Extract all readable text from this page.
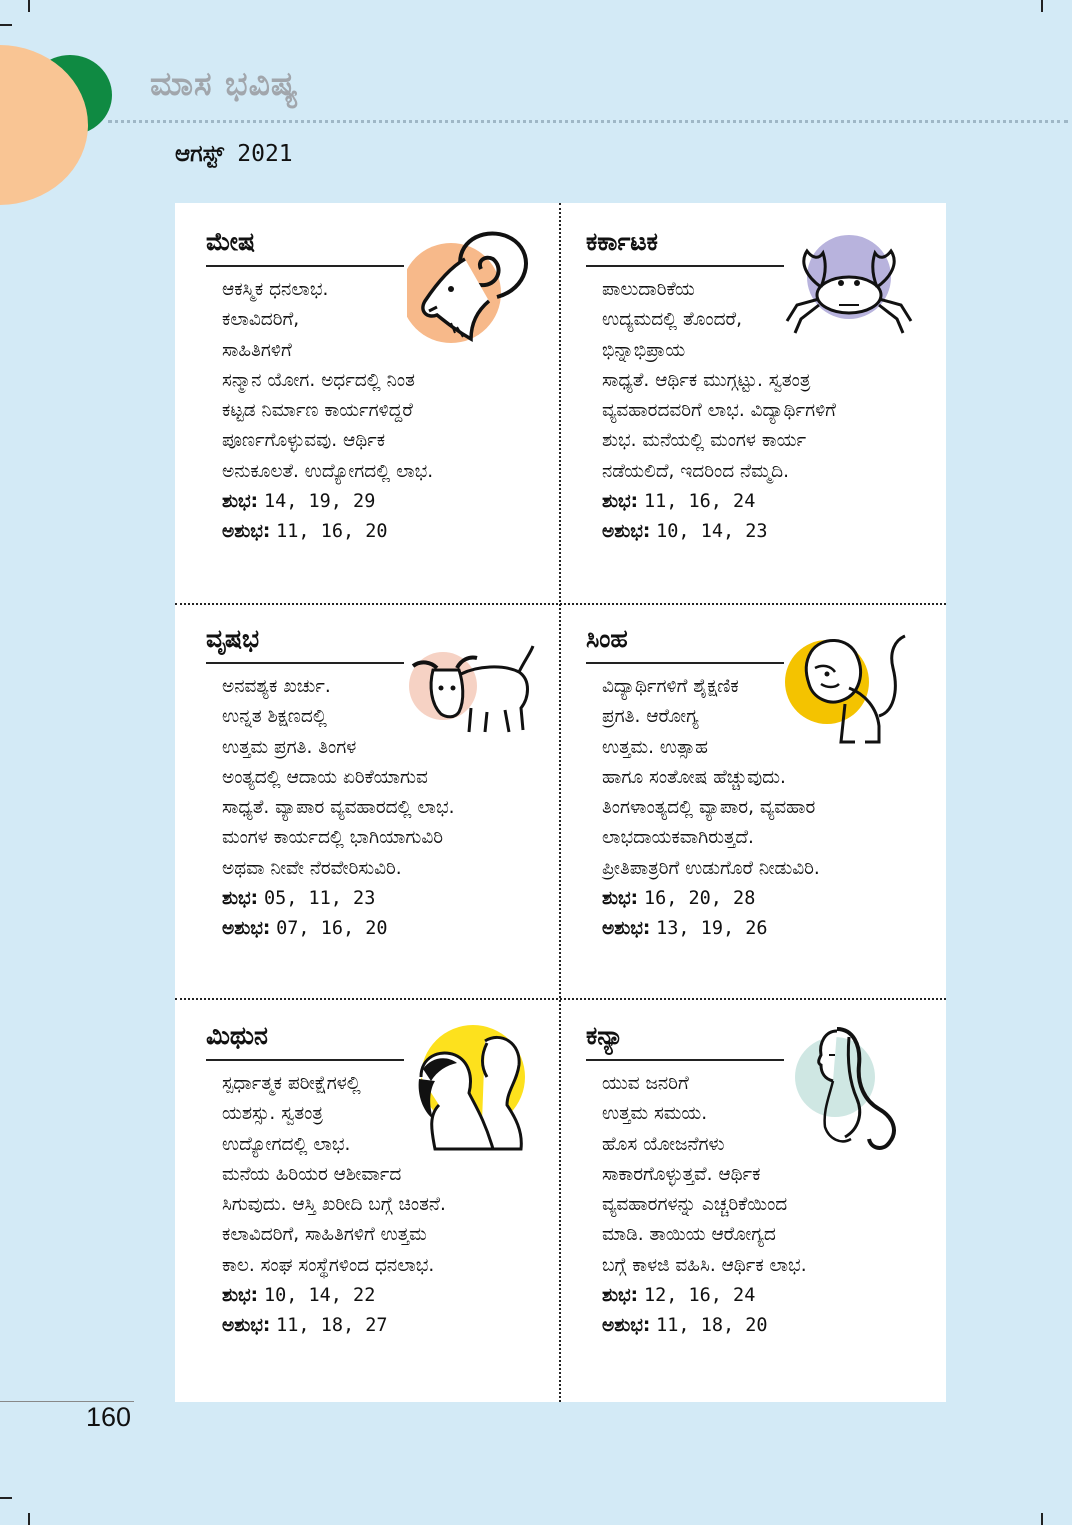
ಮಾಸ ಭವಿಷ್ಯ
ಆಗಸ್ಟ್ 2021
ಮೇಷ

ಆಕಸ್ಮಿಕ ಧನಲಾಭ.
ಕಲಾವಿದರಿಗೆ,
ಸಾಹಿತಿಗಳಿಗೆ
ಸನ್ಮಾನ ಯೋಗ. ಅರ್ಧದಲ್ಲಿ ನಿಂತ
ಕಟ್ಟಡ ನಿರ್ಮಾಣ ಕಾರ್ಯಗಳಿದ್ದರೆ
ಪೂರ್ಣಗೊಳ್ಳುವವು. ಆರ್ಥಿಕ
ಅನುಕೂಲತೆ. ಉದ್ಯೋಗದಲ್ಲಿ ಲಾಭ.

ಶುಭ: 14, 19, 29
ಅಶುಭ: 11, 16, 20
ಕರ್ಕಾಟಕ

ಪಾಲುದಾರಿಕೆಯ
ಉದ್ಯಮದಲ್ಲಿ ತೊಂದರೆ,
ಭಿನ್ನಾಭಿಪ್ರಾಯ
ಸಾಧ್ಯತೆ. ಆರ್ಥಿಕ ಮುಗ್ಗಟ್ಟು. ಸ್ವತಂತ್ರ
ವ್ಯವಹಾರದವರಿಗೆ ಲಾಭ. ವಿದ್ಯಾರ್ಥಿಗಳಿಗೆ
ಶುಭ. ಮನೆಯಲ್ಲಿ ಮಂಗಳ ಕಾರ್ಯ
ನಡೆಯಲಿದೆ, ಇದರಿಂದ ನೆಮ್ಮದಿ.

ಶುಭ: 11, 16, 24
ಅಶುಭ: 10, 14, 23
ವೃಷಭ

ಅನವಶ್ಯಕ ಖರ್ಚು.
ಉನ್ನತ ಶಿಕ್ಷಣದಲ್ಲಿ
ಉತ್ತಮ ಪ್ರಗತಿ. ತಿಂಗಳ
ಅಂತ್ಯದಲ್ಲಿ ಆದಾಯ ಏರಿಕೆಯಾಗುವ
ಸಾಧ್ಯತೆ. ವ್ಯಾಪಾರ ವ್ಯವಹಾರದಲ್ಲಿ ಲಾಭ.
ಮಂಗಳ ಕಾರ್ಯದಲ್ಲಿ ಭಾಗಿಯಾಗುವಿರಿ
ಅಥವಾ ನೀವೇ ನೆರವೇರಿಸುವಿರಿ.

ಶುಭ: 05, 11, 23
ಅಶುಭ: 07, 16, 20
ಸಿಂಹ

ವಿದ್ಯಾರ್ಥಿಗಳಿಗೆ ಶೈಕ್ಷಣಿಕ
ಪ್ರಗತಿ. ಆರೋಗ್ಯ
ಉತ್ತಮ. ಉತ್ಸಾಹ
ಹಾಗೂ ಸಂತೋಷ ಹೆಚ್ಚುವುದು.
ತಿಂಗಳಾಂತ್ಯದಲ್ಲಿ ವ್ಯಾಪಾರ, ವ್ಯವಹಾರ
ಲಾಭದಾಯಕವಾಗಿರುತ್ತದೆ.
ಪ್ರೀತಿಪಾತ್ರರಿಗೆ ಉಡುಗೊರೆ ನೀಡುವಿರಿ.

ಶುಭ: 16, 20, 28
ಅಶುಭ: 13, 19, 26
ಮಿಥುನ

ಸ್ಪರ್ಧಾತ್ಮಕ ಪರೀಕ್ಷೆಗಳಲ್ಲಿ
ಯಶಸ್ಸು. ಸ್ವತಂತ್ರ
ಉದ್ಯೋಗದಲ್ಲಿ ಲಾಭ.
ಮನೆಯ ಹಿರಿಯರ ಆಶೀರ್ವಾದ
ಸಿಗುವುದು. ಆಸ್ತಿ ಖರೀದಿ ಬಗ್ಗೆ ಚಿಂತನೆ.
ಕಲಾವಿದರಿಗೆ, ಸಾಹಿತಿಗಳಿಗೆ ಉತ್ತಮ
ಕಾಲ. ಸಂಘ ಸಂಸ್ಥೆಗಳಿಂದ ಧನಲಾಭ.

ಶುಭ: 10, 14, 22
ಅಶುಭ: 11, 18, 27
ಕನ್ಯಾ

ಯುವ ಜನರಿಗೆ
ಉತ್ತಮ ಸಮಯ.
ಹೊಸ ಯೋಜನೆಗಳು
ಸಾಕಾರಗೊಳ್ಳುತ್ತವೆ. ಆರ್ಥಿಕ
ವ್ಯವಹಾರಗಳನ್ನು ಎಚ್ಚರಿಕೆಯಿಂದ
ಮಾಡಿ. ತಾಯಿಯ ಆರೋಗ್ಯದ
ಬಗ್ಗೆ ಕಾಳಜಿ ವಹಿಸಿ. ಆರ್ಥಿಕ ಲಾಭ.

ಶುಭ: 12, 16, 24
ಅಶುಭ: 11, 18, 20
160
